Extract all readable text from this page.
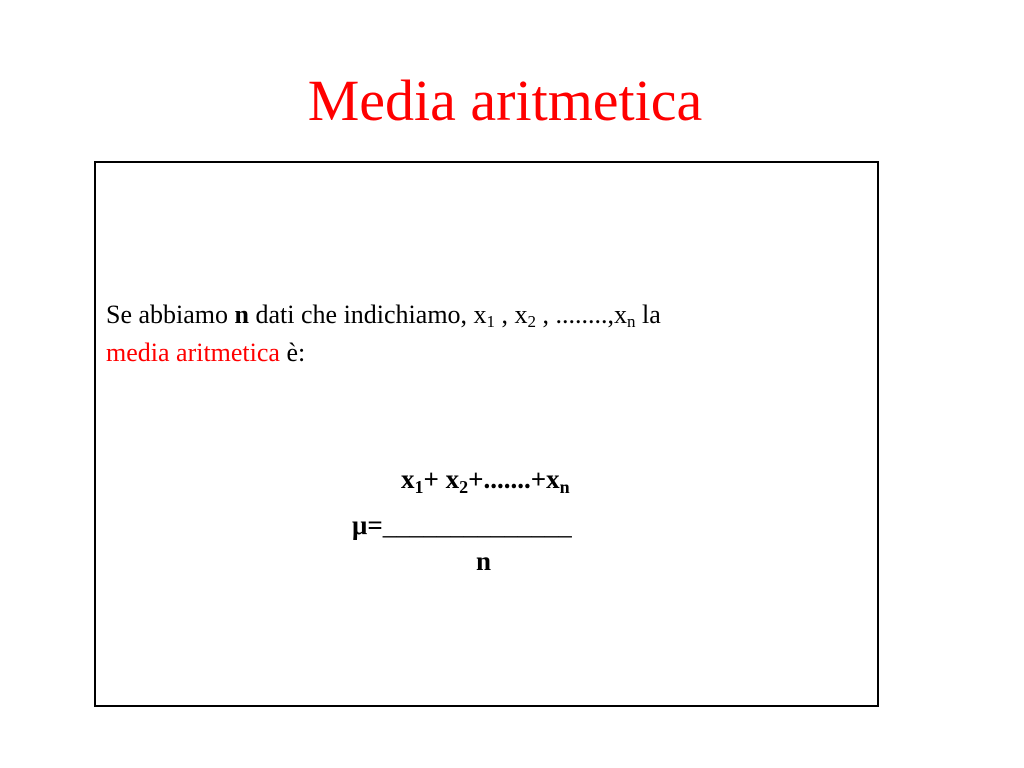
Media aritmetica
Se abbiamo n dati che indichiamo, $x_1$ , $x_2$ , $........,x_n$ la
media aritmetica è:
$x_1+ x_2+.......+x_n$
μ=______________
n
